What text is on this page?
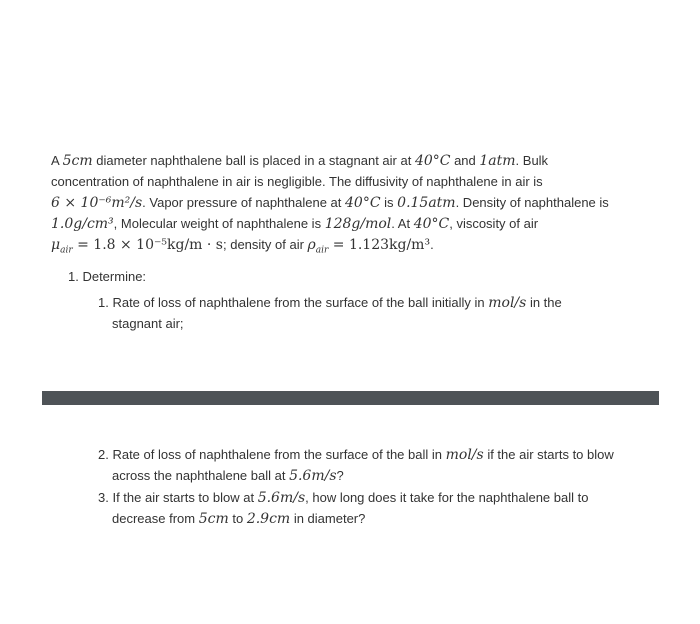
A 5cm diameter naphthalene ball is placed in a stagnant air at 40°C and 1atm. Bulk
concentration of naphthalene in air is negligible. The diffusivity of naphthalene in air is
6 × 10⁻⁶m²/s. Vapor pressure of naphthalene at 40°C is 0.15atm. Density of naphthalene is
1.0g/cm³, Molecular weight of naphthalene is 128g/mol. At 40°C, viscosity of air
$\mu_{air} = 1.8 \times 10^{-5}kg/m \cdot s$; density of air $\rho_{air} = 1.123kg/m^3$.
1. Determine:
1. Rate of loss of naphthalene from the surface of the ball initially in mol/s in the
stagnant air;
2. Rate of loss of naphthalene from the surface of the ball in mol/s if the air starts to blow
across the naphthalene ball at 5.6m/s?
3. If the air starts to blow at 5.6m/s, how long does it take for the naphthalene ball to
decrease from 5cm to 2.9cm in diameter?
